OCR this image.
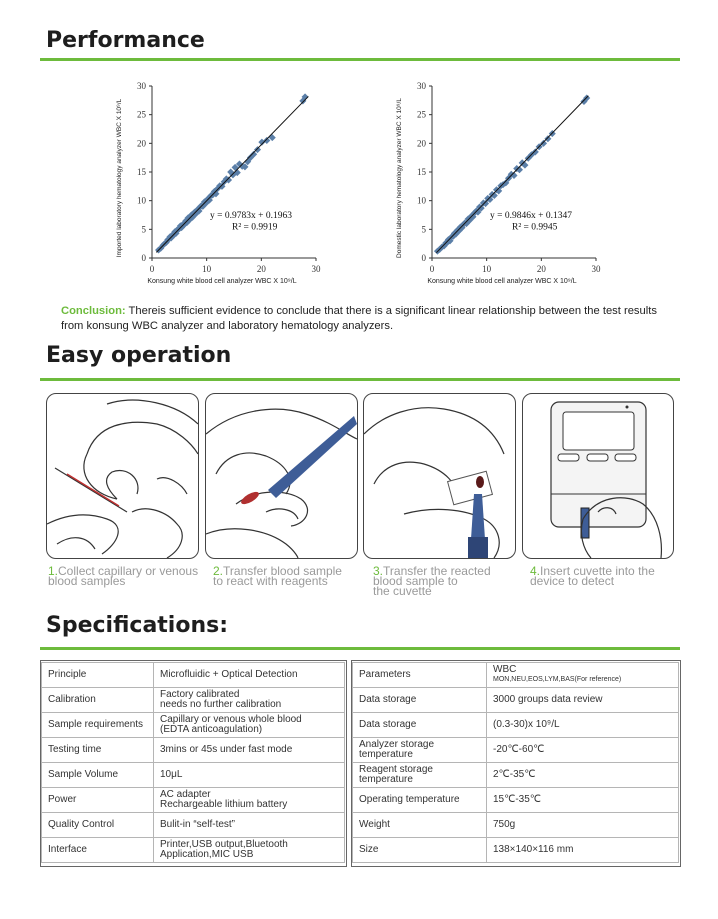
Performance
0
5
10
15
20
25
30
0	10	20	30
y = 0.9783x + 0.1963
R² = 0.9919
Konsung white blood cell analyzer WBC X 10⁹/L
Imported laboratory hematology analyzer WBC X 10⁹/L
0
5
10
15
20
25
30
0	10	20	30
y = 0.9846x + 0.1347
R² = 0.9945
Konsung white blood cell analyzer WBC X 10⁹/L
Domestic laboratory hematology analyzer WBC X 10⁹/L
Conclusion: Thereis sufficient evidence to conclude that there is a significant linear relationship between the test results from konsung WBC analyzer and laboratory hematology analyzers.
Easy operation
1.Collect capillary or venous
blood samples
2.Transfer blood sample
to react with reagents
3.Transfer the reacted
blood sample to
the cuvette
4.Insert cuvette into the
device to detect
Specifications:
Principle	Microfluidic + Optical Detection

Calibration	Factory calibrated
needs no further calibration

Sample requirements	Capillary or venous whole blood
(EDTA anticoagulation)

Testing time	3mins or 45s under fast mode

Sample Volume	10μL

Power	AC adapter
Rechargeable lithium battery

Quality Control	Bulit-in “self-test”

Interface	Printer,USB output,Bluetooth
Application,MIC USB
Parameters	WBC
MON,NEU,EOS,LYM,BAS(For reference)

Data storage	3000 groups data review

Data storage	(0.3-30)x 10⁹/L

Analyzer storage temperature	-20℃-60℃

Reagent storage temperature	2℃-35℃

Operating temperature	15℃-35℃

Weight	750g

Size	138×140×116 mm
